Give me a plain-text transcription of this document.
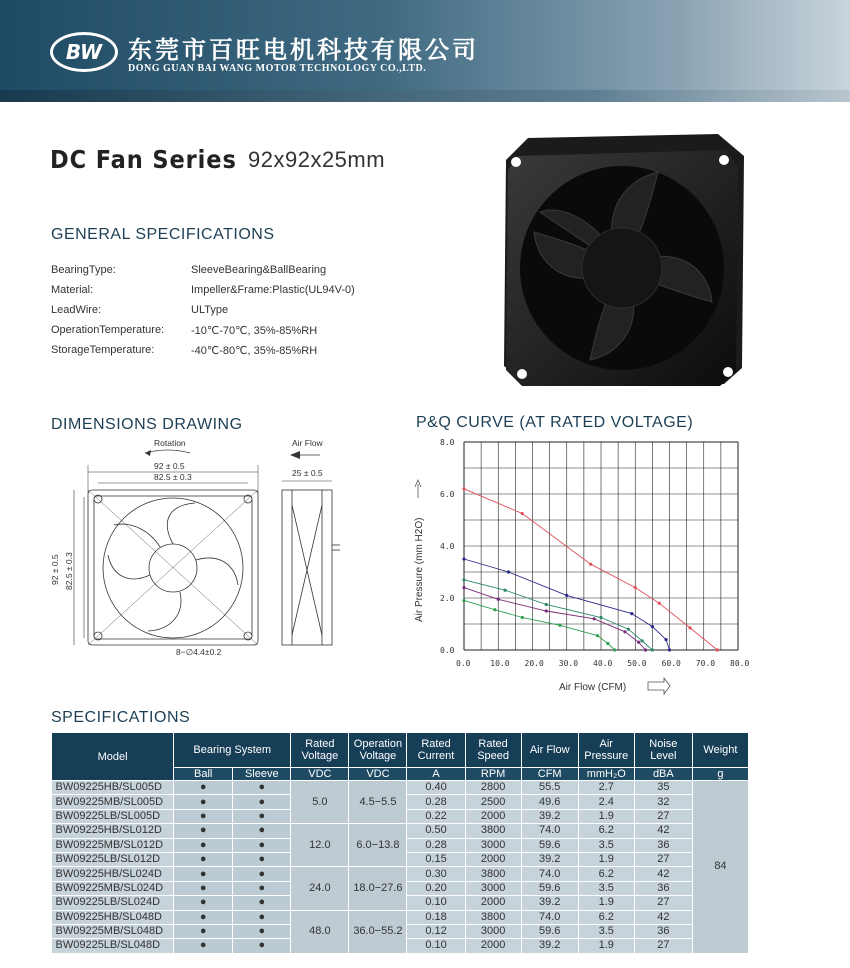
BW	东莞市百旺电机科技有限公司
DONG GUAN BAI WANG MOTOR TECHNOLOGY CO.,LTD.
DC Fan Series 92x92x25mm
GENERAL SPECIFICATIONS
BearingType:	SleeveBearing&BallBearing
Material:	Impeller&Frame:Plastic(UL94V-0)
LeadWire:	ULType
OperationTemperature: -10℃-70℃, 35%-85%RH
StorageTemperature:	-40℃-80℃, 35%-85%RH
DIMENSIONS DRAWING
Rotation	Air Flow
92 ± 0.5
82.5 ± 0.3
92 ± 0.5 82.5 ± 0.3
8−∅4.4±0.2
25 ± 0.5
P&Q CURVE (AT RATED VOLTAGE)
0.0 10.0 20.0 30.0 40.0 50.0 60.0 70.0 80.0
0.0
2.0
4.0
6.0
8.0
Air Pressure (mm H2O)
Air Flow (CFM)
SPECIFICATIONS
Model	Bearing System		Rated Voltage	Operation Voltage	Rated Current	Rated Speed	Air Flow	Air Pressure	Noise Level	Weight
	Ball	Sleeve	VDC	VDC	A	RPM	CFM	mmH₂O	dBA	g
BW09225HB/SL005D	●	●	5.0	4.5−5.5	0.40	2800	55.5	2.7	35	84
BW09225MB/SL005D	●	●			0.28	2500	49.6	2.4	32	
BW09225LB/SL005D	●	●			0.22	2000	39.2	1.9	27	
BW09225HB/SL012D	●	●	12.0	6.0−13.8	0.50	3800	74.0	6.2	42	
BW09225MB/SL012D	●	●			0.28	3000	59.6	3.5	36	
BW09225LB/SL012D	●	●			0.15	2000	39.2	1.9	27	
BW09225HB/SL024D	●	●	24.0	18.0−27.6	0.30	3800	74.0	6.2	42	
BW09225MB/SL024D	●	●			0.20	3000	59.6	3.5	36	
BW09225LB/SL024D	●	●			0.10	2000	39.2	1.9	27	
BW09225HB/SL048D	●	●	48.0	36.0−55.2	0.18	3800	74.0	6.2	42	
BW09225MB/SL048D	●	●			0.12	3000	59.6	3.5	36	
BW09225LB/SL048D	●	●			0.10	2000	39.2	1.9	27	
